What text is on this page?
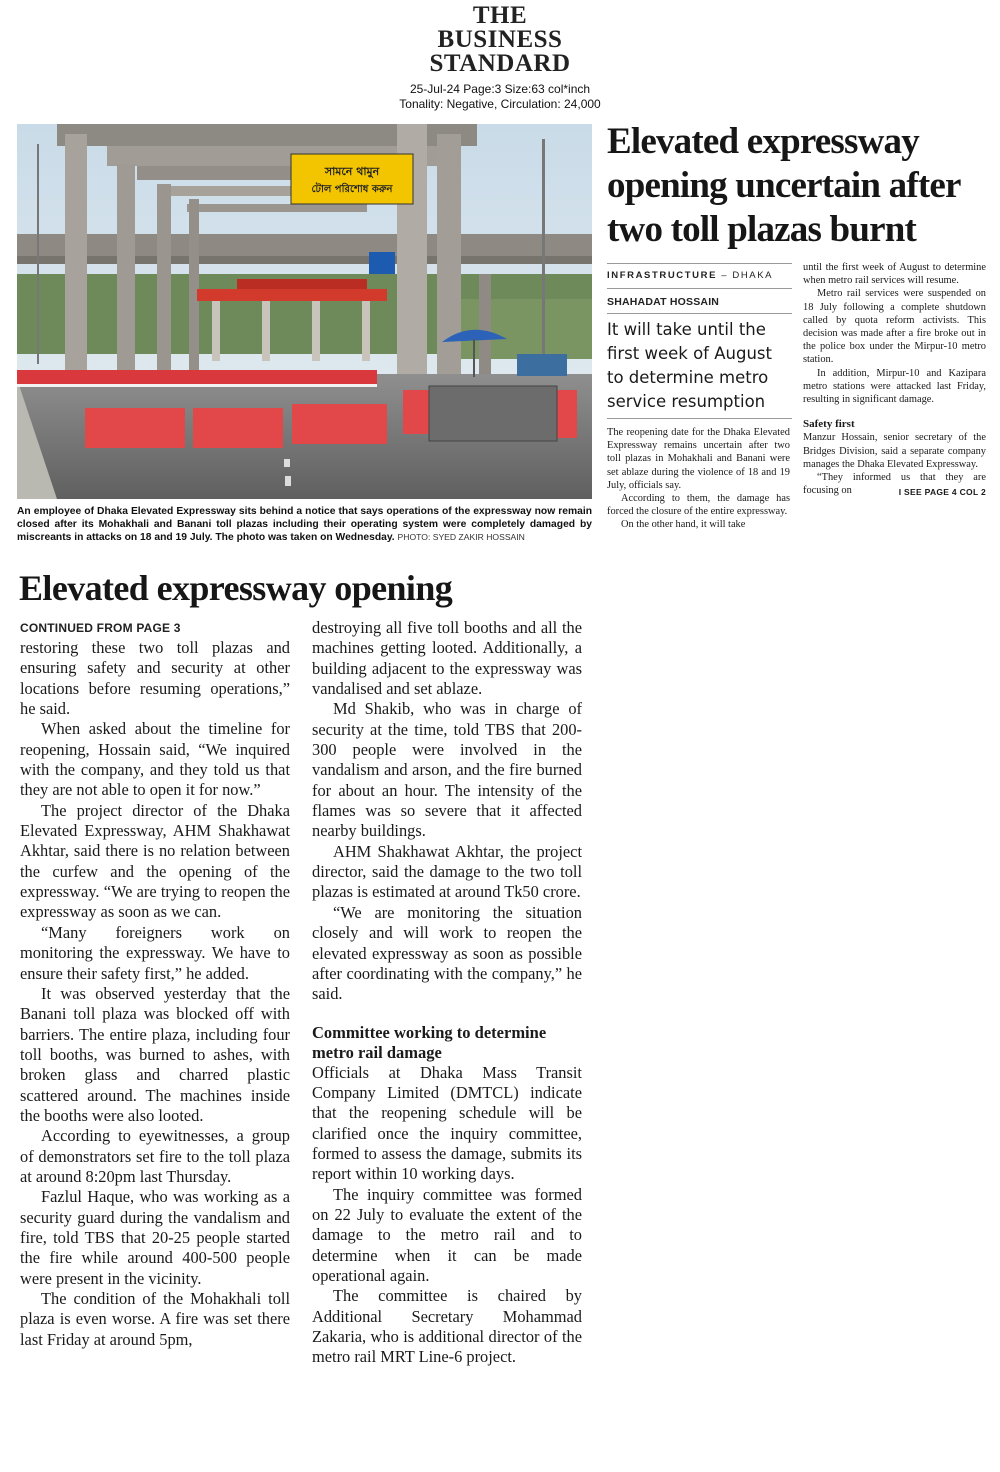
THE
BUSINESS
STANDARD
25-Jul-24 Page:3 Size:63 col*inch
Tonality: Negative, Circulation: 24,000
সামনে থামুন
টোল পরিশোধ করুন
An employee of Dhaka Elevated Expressway sits behind a notice that says operations of the expressway now remain closed after its Mohakhali and Banani toll plazas including their operating system were completely damaged by miscreants in attacks on 18 and 19 July. The photo was taken on Wednesday. PHOTO: SYED ZAKIR HOSSAIN
Elevated expressway opening uncertain after two toll plazas burnt
INFRASTRUCTURE – DHAKA
SHAHADAT HOSSAIN
It will take until the first week of August to determine metro service resumption

The reopening date for the Dhaka Elevated Expressway remains uncertain after two toll plazas in Mohakhali and Banani were set ablaze during the violence of 18 and 19 July, officials say.

According to them, the damage has forced the closure of the entire expressway.

On the other hand, it will take

until the first week of August to determine when metro rail services will resume.

Metro rail services were suspended on 18 July following a complete shutdown called by quota reform activists. This decision was made after a fire broke out in the police box under the Mirpur-10 metro station.

In addition, Mirpur-10 and Kazipara metro stations were attacked last Friday, resulting in significant damage.

Safety first

Manzur Hossain, senior secretary of the Bridges Division, said a separate company manages the Dhaka Elevated Expressway.

“They informed us that they are focusing on	I SEE PAGE 4 COL 2

Elevated expressway opening
CONTINUED FROM PAGE 3

restoring these two toll plazas and ensuring safety and security at other locations before resuming operations,” he said.

When asked about the timeline for reopening, Hossain said, “We inquired with the company, and they told us that they are not able to open it for now.”

The project director of the Dhaka Elevated Expressway, AHM Shakhawat Akhtar, said there is no relation between the curfew and the opening of the expressway. “We are trying to reopen the expressway as soon as we can.

“Many foreigners work on monitoring the expressway. We have to ensure their safety first,” he added.

It was observed yesterday that the Banani toll plaza was blocked off with barriers. The entire plaza, including four toll booths, was burned to ashes, with broken glass and charred plastic scattered around. The machines inside the booths were also looted.

According to eyewitnesses, a group of demonstrators set fire to the toll plaza at around 8:20pm last Thursday.

Fazlul Haque, who was working as a security guard during the vandalism and fire, told TBS that 20-25 people started the fire while around 400-500 people were present in the vicinity.

The condition of the Mohakhali toll plaza is even worse. A fire was set there last Friday at around 5pm,

destroying all five toll booths and all the machines getting looted. Additionally, a building adjacent to the expressway was vandalised and set ablaze.

Md Shakib, who was in charge of security at the time, told TBS that 200-300 people were involved in the vandalism and arson, and the fire burned for about an hour. The intensity of the flames was so severe that it affected nearby buildings.

AHM Shakhawat Akhtar, the project director, said the damage to the two toll plazas is estimated at around Tk50 crore.

“We are monitoring the situation closely and will work to reopen the elevated expressway as soon as possible after coordinating with the company,” he said.

Committee working to determine metro rail damage

Officials at Dhaka Mass Transit Company Limited (DMTCL) indicate that the reopening schedule will be clarified once the inquiry committee, formed to assess the damage, submits its report within 10 working days.

The inquiry committee was formed on 22 July to evaluate the extent of the damage to the metro rail and to determine when it can be made operational again.

The committee is chaired by Additional Secretary Mohammad Zakaria, who is additional director of the metro rail MRT Line-6 project.
